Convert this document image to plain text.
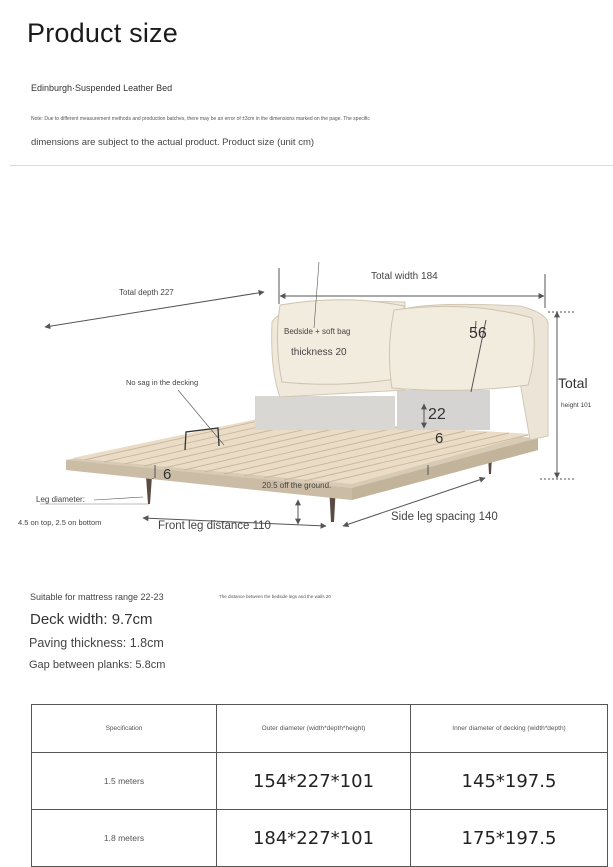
Product size
Edinburgh·Suspended Leather Bed
Note: Due to different measurement methods and production batches, there may be an error of ±3cm in the dimensions marked on the page. The specific
dimensions are subject to the actual product. Product size (unit cm)
Total width 184
Total depth 227
Bedside + soft bag
thickness 20
56
Total
height 101
No sag in the decking
22
6
6
20.5 off the ground.
Leg diameter:
4.5 on top, 2.5 on bottom	Front leg distance 110
Side leg spacing 140
Suitable for mattress range 22-23	The distance between the bedside legs and the walls 20
Deck width: 9.7cm
Paving thickness: 1.8cm
Gap between planks: 5.8cm
Specification	Outer diameter (width*depth*height)	Inner diameter of decking (width*depth)
1.5 meters	154*227*101	145*197.5
1.8 meters	184*227*101	175*197.5
